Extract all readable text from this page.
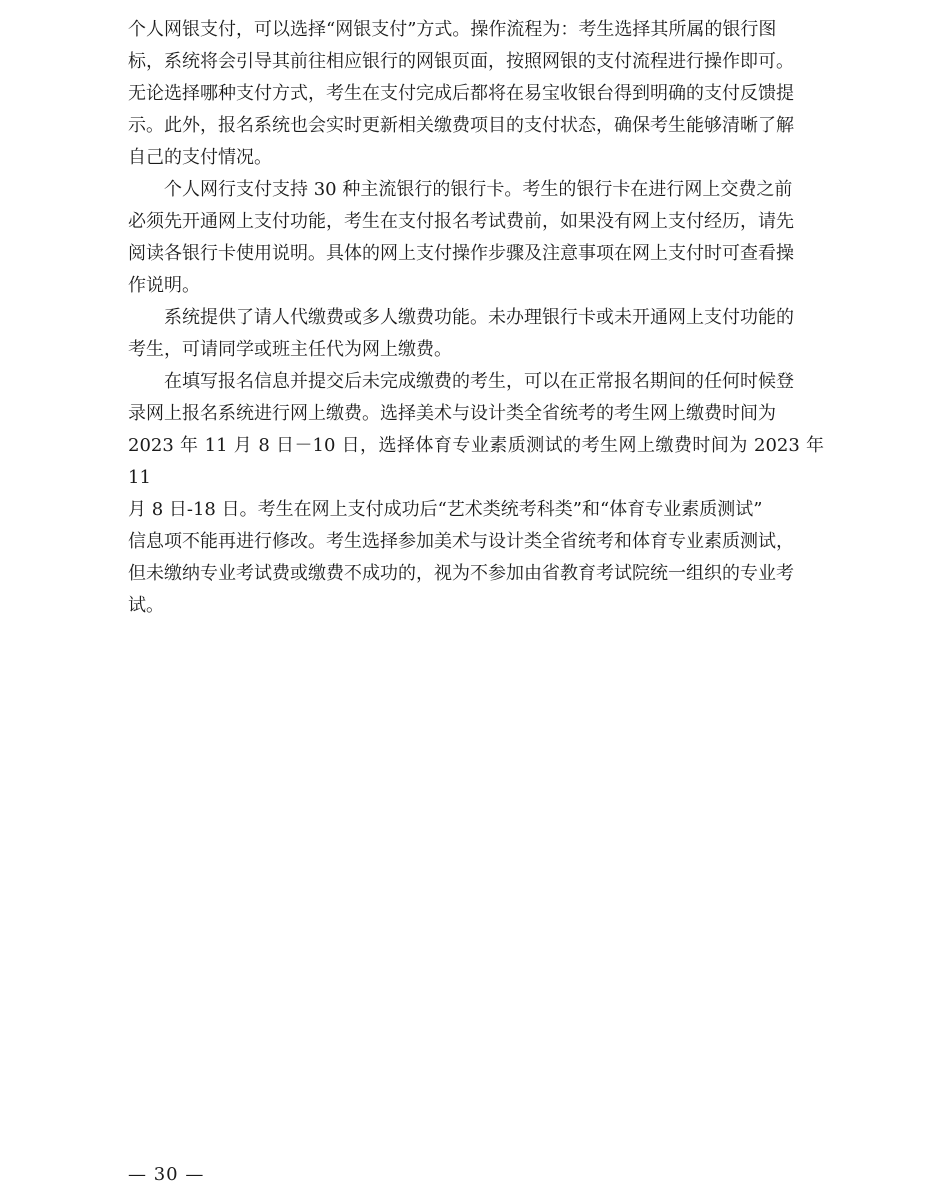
个人网银支付，可以选择“网银支付”方式。操作流程为：考生选择其所属的银行图
标，系统将会引导其前往相应银行的网银页面，按照网银的支付流程进行操作即可。
无论选择哪种支付方式，考生在支付完成后都将在易宝收银台得到明确的支付反馈提
示。此外，报名系统也会实时更新相关缴费项目的支付状态，确保考生能够清晰了解
自己的支付情况。

　　个人网行支付支持 30 种主流银行的银行卡。考生的银行卡在进行网上交费之前
必须先开通网上支付功能，考生在支付报名考试费前，如果没有网上支付经历，请先
阅读各银行卡使用说明。具体的网上支付操作步骤及注意事项在网上支付时可查看操
作说明。

　　系统提供了请人代缴费或多人缴费功能。未办理银行卡或未开通网上支付功能的
考生，可请同学或班主任代为网上缴费。

　　在填写报名信息并提交后未完成缴费的考生，可以在正常报名期间的任何时候登
录网上报名系统进行网上缴费。选择美术与设计类全省统考的考生网上缴费时间为
2023 年 11 月 8 日－10 日，选择体育专业素质测试的考生网上缴费时间为 2023 年 11
月 8 日-18 日。考生在网上支付成功后“艺术类统考科类”和“体育专业素质测试”
信息项不能再进行修改。考生选择参加美术与设计类全省统考和体育专业素质测试，
但未缴纳专业考试费或缴费不成功的，视为不参加由省教育考试院统一组织的专业考
试。

— 30 —
